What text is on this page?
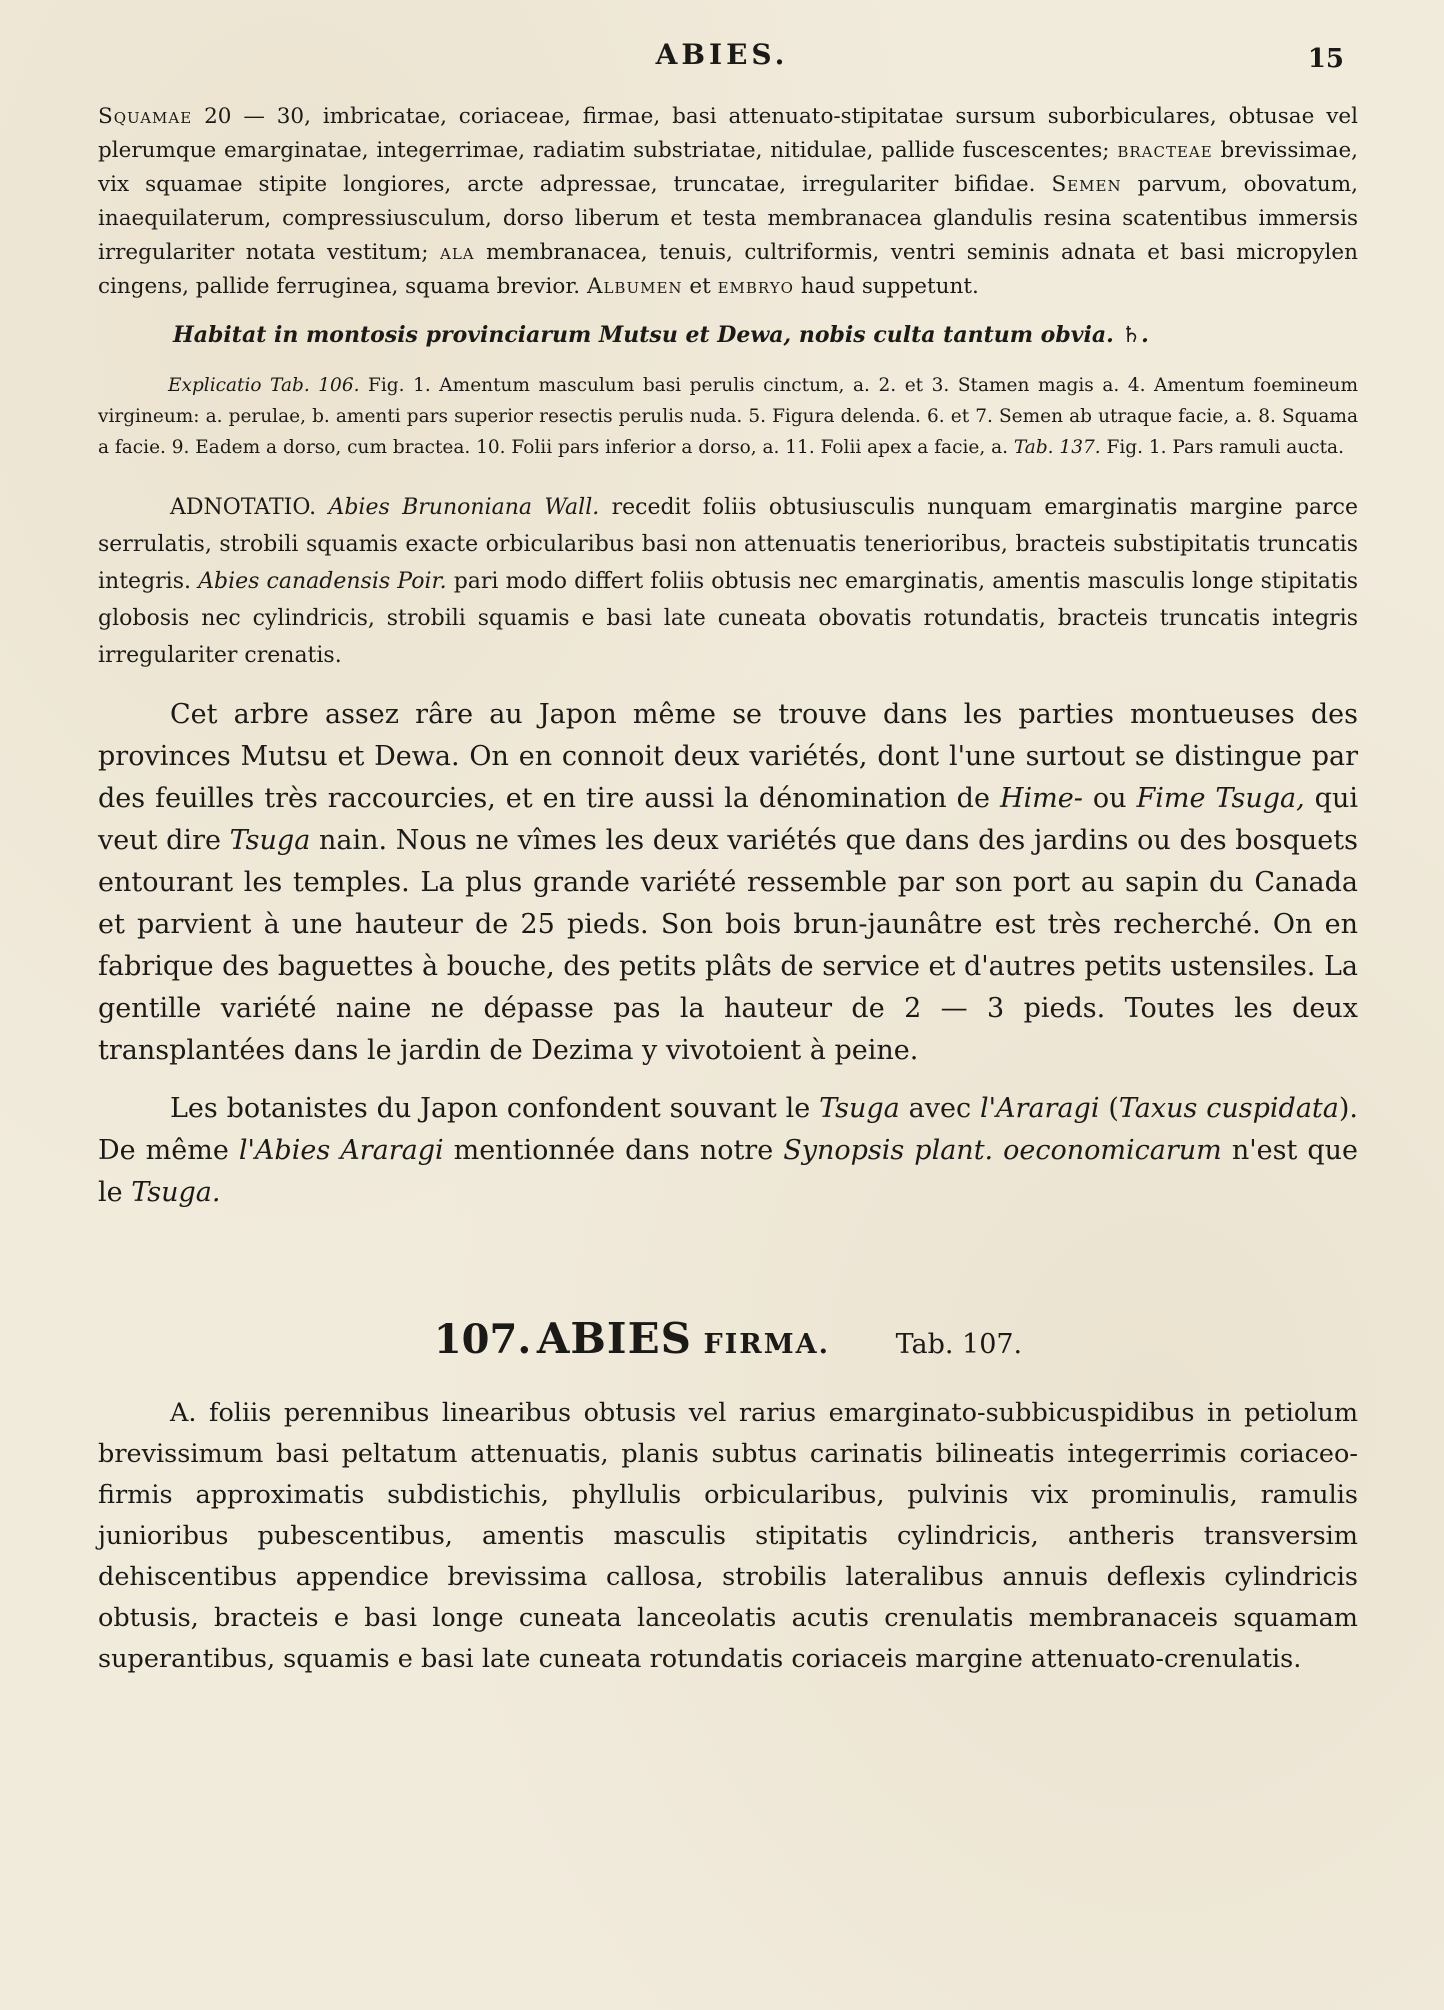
ABIES.	15

Squamae 20 — 30, imbricatae, coriaceae, firmae, basi attenuato-stipitatae sursum suborbiculares, obtusae vel plerumque emarginatae, integerrimae, radiatim substriatae, nitidulae, pallide fuscescentes; bracteae brevissimae, vix squamae stipite longiores, arcte adpressae, truncatae, irregulariter bifidae. Semen parvum, obovatum, inaequilaterum, compressiusculum, dorso liberum et testa membranacea glandulis resina scatentibus immersis irregulariter notata vestitum; ala membranacea, tenuis, cultriformis, ventri seminis adnata et basi micropylen cingens, pallide ferruginea, squama brevior. Albumen et embryo haud suppetunt.

Habitat in montosis provinciarum Mutsu et Dewa, nobis culta tantum obvia. ♄.

Explicatio Tab. 106. Fig. 1. Amentum masculum basi perulis cinctum, a. 2. et 3. Stamen magis a. 4. Amentum foemineum virgineum: a. perulae, b. amenti pars superior resectis perulis nuda. 5. Figura delenda. 6. et 7. Semen ab utraque facie, a. 8. Squama a facie. 9. Eadem a dorso, cum bractea. 10. Folii pars inferior a dorso, a. 11. Folii apex a facie, a. Tab. 137. Fig. 1. Pars ramuli aucta.

ADNOTATIO. Abies Brunoniana Wall. recedit foliis obtusiusculis nunquam emarginatis margine parce serrulatis, strobili squamis exacte orbicularibus basi non attenuatis tenerioribus, bracteis substipitatis truncatis integris. Abies canadensis Poir. pari modo differt foliis obtusis nec emarginatis, amentis masculis longe stipitatis globosis nec cylindricis, strobili squamis e basi late cuneata obovatis rotundatis, bracteis truncatis integris irregulariter crenatis.

Cet arbre assez râre au Japon même se trouve dans les parties montueuses des provinces Mutsu et Dewa. On en connoit deux variétés, dont l'une surtout se distingue par des feuilles très raccourcies, et en tire aussi la dénomination de Hime- ou Fime Tsuga, qui veut dire Tsuga nain. Nous ne vîmes les deux variétés que dans des jardins ou des bosquets entourant les temples. La plus grande variété ressemble par son port au sapin du Canada et parvient à une hauteur de 25 pieds. Son bois brun-jaunâtre est très recherché. On en fabrique des baguettes à bouche, des petits plâts de service et d'autres petits ustensiles. La gentille variété naine ne dépasse pas la hauteur de 2 — 3 pieds. Toutes les deux transplantées dans le jardin de Dezima y vivotoient à peine.

Les botanistes du Japon confondent souvant le Tsuga avec l'Araragi (Taxus cuspidata). De même l'Abies Araragi mentionnée dans notre Synopsis plant. oeconomicarum n'est que le Tsuga.

107. ABIES FIRMA. Tab. 107.

A. foliis perennibus linearibus obtusis vel rarius emarginato-subbicuspidibus in petiolum brevissimum basi peltatum attenuatis, planis subtus carinatis bilineatis integerrimis coriaceo-firmis approximatis subdistichis, phyllulis orbicularibus, pulvinis vix prominulis, ramulis junioribus pubescentibus, amentis masculis stipitatis cylindricis, antheris transversim dehiscentibus appendice brevissima callosa, strobilis lateralibus annuis deflexis cylindricis obtusis, bracteis e basi longe cuneata lanceolatis acutis crenulatis membranaceis squamam superantibus, squamis e basi late cuneata rotundatis coriaceis margine attenuato-crenulatis.
